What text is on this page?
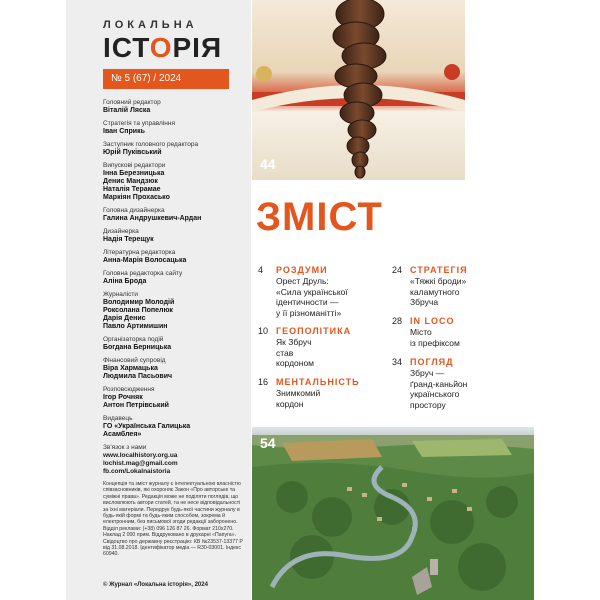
ЛОКАЛЬНА
ІСТОРІЯ
№ 5 (67) / 2024
Головний редактор
Віталій Ляска
Стратегія та управління
Іван Сприкь
Заступник головного редактора
Юрій Пуківський
Випускові редактори
Інна Березницька
Денис Мандзюк
Наталія Терамае
Маркіян Прохасько
Головна дизайнерка
Галина Андрушкевич-Ардан
Дизайнерка
Надія Терещук
Літературна редакторка
Анна-Марія Волосацька
Головна редакторка сайту
Аліна Бродa
Журналісти
Володимир Молодій
Роксолана Попелюк
Дарія Денис
Павло Артимишин
Організаторка подій
Богдана Берницька
Фінансовий супровід
Віра Хармацька
Людмила Пасьович
Розповсюдження
Ігор Рочняк
Антон Петрівський
Видавець
ГО «Українська Галицька
Асамблея»
Зв'язок з нами
www.localhistory.org.ua
lochist.mag@gmail.com
fb.com/Lokalnaistoria
Концепція та зміст журналу є інтелектуальною власністю співзасновників, які охороняє Закон «Про авторське та суміжні права». Редакція може не поділяти поглядів, що висловлюють автори статей, та не несе відповідальності за їхні матеріали. Передрук будь-якої частини журналу в будь-якій формі та будь-яким способом, зокрема й електронним, без письмової згоди редакції заборонено. Відділ реклами: (+38) 096 126 87 26. Формат 210х270. Наклад 2 000 прим. Віддруковано в друкарні «Папуга». Свідоцтво про державну реєстрацію: КВ №23537-13377 Р від 31.08.2018. Ідентифікатор медіа — R30-03001. Індекс 60940.
© Журнал «Локальна історія», 2024
44
ЗМІСТ
4 РОЗДУМИ
Орест Друль:
«Сила української
ідентичности —
у її різноманітті»
10 ГЕОПОЛІТИКА
Як Збруч
став
кордоном
16 МЕНТАЛЬНІСТЬ
Знимкомий
кордон
24 СТРАТЕГІЯ
«Тяжкі броди»
каламутного
Збруча
28 IN LOCO
Місто
із префіксом
34 ПОГЛЯД
Збруч —
ґранд-каньйон
українського
простору
54
